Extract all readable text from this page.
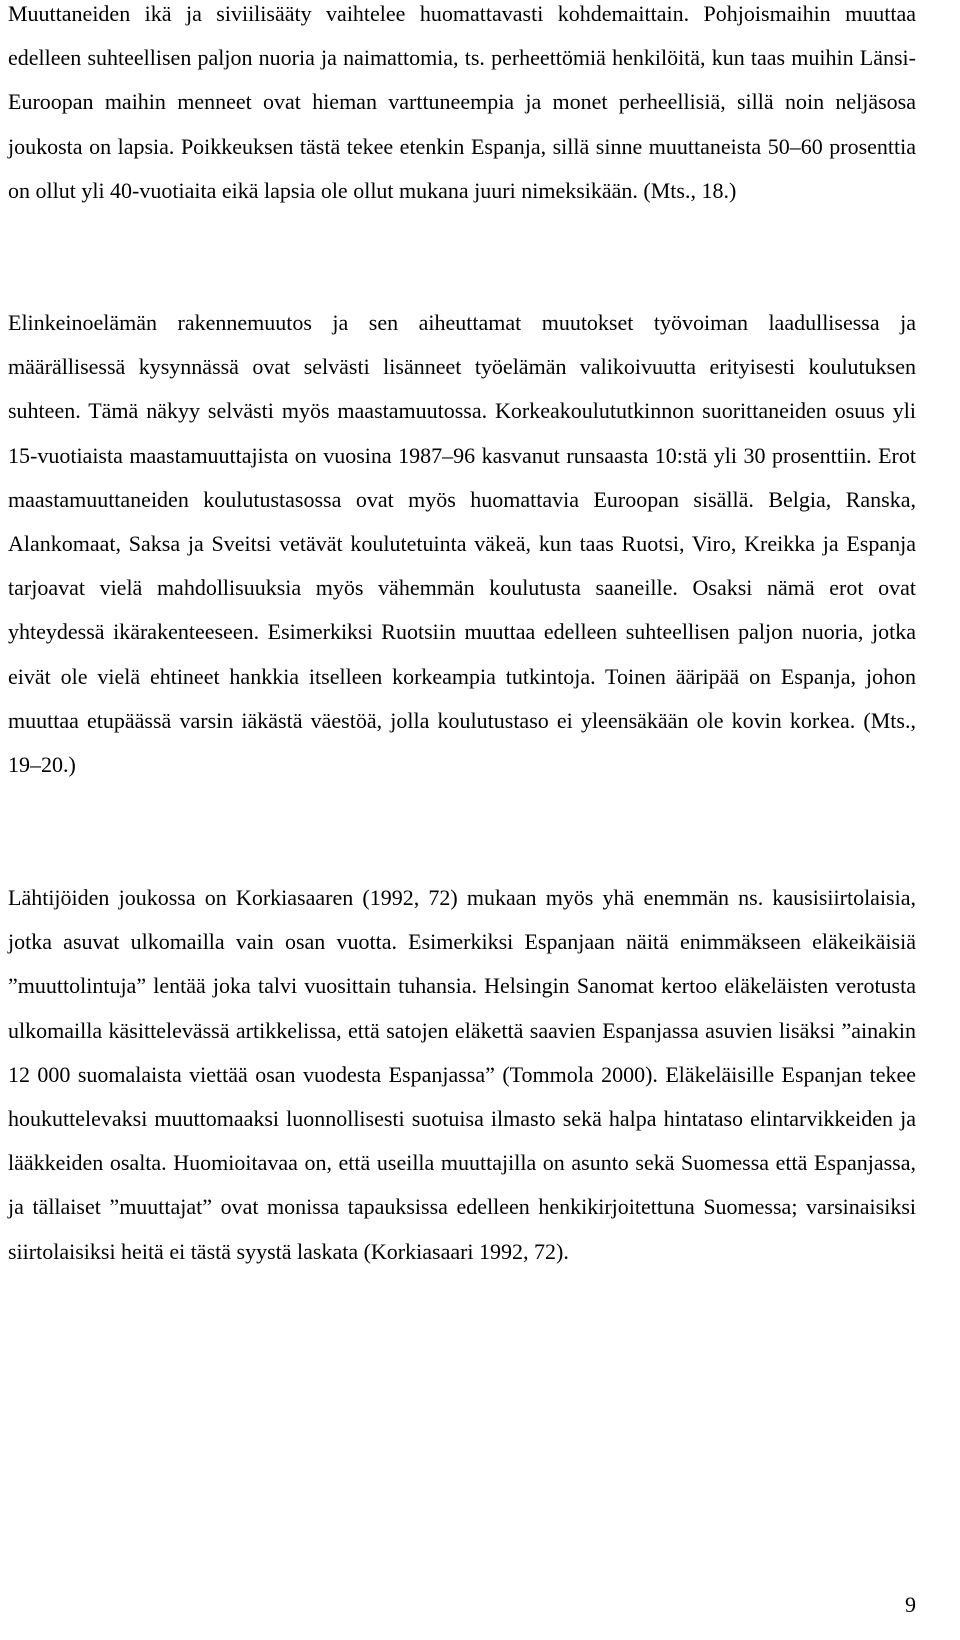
Muuttaneiden ikä ja siviilisääty vaihtelee huomattavasti kohdemaittain. Pohjoismaihin muuttaa edelleen suhteellisen paljon nuoria ja naimattomia, ts. perheettömiä henkilöitä, kun taas muihin Länsi-Euroopan maihin menneet ovat hieman varttuneempia ja monet perheellisiä, sillä noin neljäsosa joukosta on lapsia. Poikkeuksen tästä tekee etenkin Espanja, sillä sinne muuttaneista 50–60 prosenttia on ollut yli 40-vuotiaita eikä lapsia ole ollut mukana juuri nimeksikään. (Mts., 18.)

Elinkeinoelämän rakennemuutos ja sen aiheuttamat muutokset työvoiman laadullisessa ja määrällisessä kysynnässä ovat selvästi lisänneet työelämän valikoivuutta erityisesti koulutuksen suhteen. Tämä näkyy selvästi myös maastamuutossa. Korkeakoulututkinnon suorittaneiden osuus yli 15-vuotiaista maastamuuttajista on vuosina 1987–96 kasvanut runsaasta 10:stä yli 30 prosenttiin. Erot maastamuuttaneiden koulutustasossa ovat myös huomattavia Euroopan sisällä. Belgia, Ranska, Alankomaat, Saksa ja Sveitsi vetävät koulutetuinta väkeä, kun taas Ruotsi, Viro, Kreikka ja Espanja tarjoavat vielä mahdollisuuksia myös vähemmän koulutusta saaneille. Osaksi nämä erot ovat yhteydessä ikärakenteeseen. Esimerkiksi Ruotsiin muuttaa edelleen suhteellisen paljon nuoria, jotka eivät ole vielä ehtineet hankkia itselleen korkeampia tutkintoja. Toinen ääripää on Espanja, johon muuttaa etupäässä varsin iäkästä väestöä, jolla koulutustaso ei yleensäkään ole kovin korkea. (Mts., 19–20.)

Lähtijöiden joukossa on Korkiasaaren (1992, 72) mukaan myös yhä enemmän ns. kausisiirtolaisia, jotka asuvat ulkomailla vain osan vuotta. Esimerkiksi Espanjaan näitä enimmäkseen eläkeikäisiä ”muuttolintuja” lentää joka talvi vuosittain tuhansia. Helsingin Sanomat kertoo eläkeläisten verotusta ulkomailla käsittelevässä artikkelissa, että satojen eläkettä saavien Espanjassa asuvien lisäksi ”ainakin 12 000 suomalaista viettää osan vuodesta Espanjassa” (Tommola 2000). Eläkeläisille Espanjan tekee houkuttelevaksi muuttomaaksi luonnollisesti suotuisa ilmasto sekä halpa hintataso elintarvikkeiden ja lääkkeiden osalta. Huomioitavaa on, että useilla muuttajilla on asunto sekä Suomessa että Espanjassa, ja tällaiset ”muuttajat” ovat monissa tapauksissa edelleen henkikirjoitettuna Suomessa; varsinaisiksi siirtolaisiksi heitä ei tästä syystä laskata (Korkiasaari 1992, 72).

9
